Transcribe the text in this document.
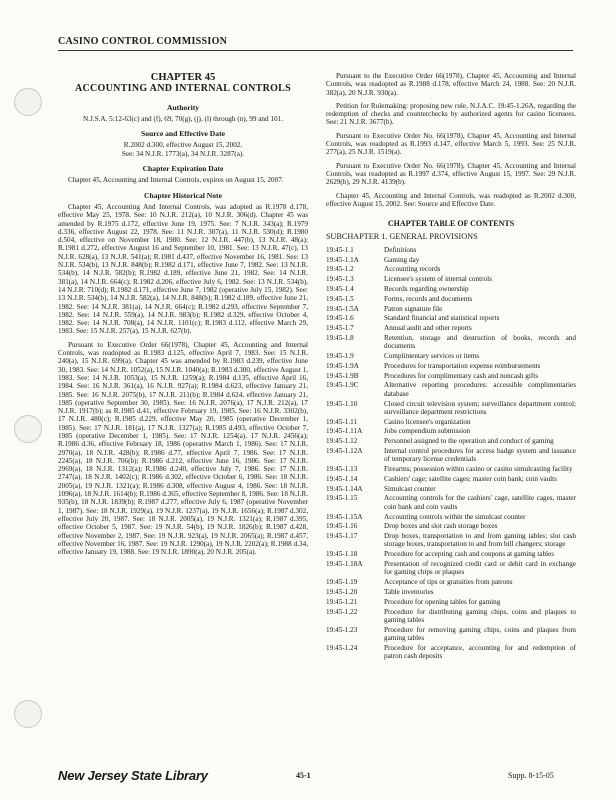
CASINO CONTROL COMMISSION
CHAPTER 45
ACCOUNTING AND INTERNAL CONTROLS
Authority

N.J.S.A. 5:12-63(c) and (f), 69, 70(g), (j), (l) through (n), 99 and 101.

Source and Effective Date

R.2002 d.300, effective August 15, 2002.

See: 34 N.J.R. 1773(a), 34 N.J.R. 3287(a).

Chapter Expiration Date

Chapter 45, Accounting and Internal Controls, expires on August 15, 2007.

Chapter Historical Note

Chapter 45, Accounting And Internal Controls, was adopted as R.1978 d.178, effective May 25, 1978. See: 10 N.J.R. 212(a), 10 N.J.R. 306(d). Chapter 45 was amended by R.1975 d.172, effective June 19, 1975. See: 7 N.J.R. 343(a); R.1979 d.336, effective August 22, 1978. See: 11 N.J.R. 307(a), 11 N.J.R. 530(d); R.1980 d.504, effective on November 18, 1980. See: 12 N.J.R. 447(b), 13 N.J.R. 48(a); R.1981 d.272, effective August 16 and September 10, 1981. See: 13 N.J.R. 47(c), 13 N.J.R. 628(a), 13 N.J.R. 541(a); R.1981 d.437, effective November 16, 1981. See: 13 N.J.R. 534(b), 13 N.J.R. 848(b); R.1982 d.171, effective June 7, 1982. See: 13 N.J.R. 534(b), 14 N.J.R. 582(b); R.1982 d.189, effective June 21, 1982. See: 14 N.J.R. 381(a), 14 N.J.R. 664(c); R.1982 d.206, effective July 6, 1982. See: 13 N.J.R. 534(b), 14 N.J.R. 710(d); R.1982 d.171, effective June 7, 1982 (operative July 15, 1982). See: 13 N.J.R. 534(b), 14 N.J.R. 582(a), 14 N.J.R. 848(b); R.1982 d.189, effective June 21, 1982. See: 14 N.J.R. 381(a), 14 N.J.R. 664(c); R.1982 d.293, effective September 7, 1982. See: 14 N.J.R. 559(a), 14 N.J.R. 983(b); R.1982 d.329, effective October 4, 1982. See: 14 N.J.R. 708(a), 14 N.J.R. 1101(c); R.1983 d.112, effective March 29, 1983. See: 15 N.J.R. 257(a), 15 N.J.R. 627(b).

Pursuant to Executive Order 66(1978), Chapter 45, Accounting and Internal Controls, was readopted as R.1983 d.125, effective April 7, 1983. See: 15 N.J.R. 240(a), 15 N.J.R. 699(a). Chapter 45 was amended by R.1983 d.239, effective June 30, 1983. See: 14 N.J.R. 1052(a), 15 N.J.R. 1040(a); R.1983 d.300, effective August 1, 1983. See: 14 N.J.R. 1053(a), 15 N.J.R. 1259(a); R.1984 d.135, effective April 16, 1984. See: 16 N.J.R. 361(a), 16 N.J.R. 927(a); R.1984 d.623, effective January 21, 1985. See: 16 N.J.R. 2075(b), 17 N.J.R. 211(b); R.1984 d.624, effective January 21, 1985 (operative September 30, 1985). See: 16 N.J.R. 2076(a), 17 N.J.R. 212(a), 17 N.J.R. 1917(b); as R.1985 d.41, effective February 19, 1985. See: 16 N.J.R. 3302(b), 17 N.J.R. 480(c); R.1985 d.229, effective May 20, 1985 (operative December 1, 1985). See: 17 N.J.R. 181(a), 17 N.J.R. 1327(a); R.1985 d.493, effective October 7, 1985 (operative December 1, 1985). See: 17 N.J.R. 1254(a), 17 N.J.R. 2456(a); R.1986 d.36, effective February 18, 1986 (operative March 1, 1986). See: 17 N.J.R. 2970(a), 18 N.J.R. 428(b); R.1986 d.77, effective April 7, 1986. See: 17 N.J.R. 2245(a), 18 N.J.R. 706(b); R.1986 d.212, effective June 16, 1986. See: 17 N.J.R. 2969(a), 18 N.J.R. 1312(a); R.1986 d.240, effective July 7, 1986. See: 17 N.J.R. 2747(a), 18 N.J.R. 1402(c); R.1986 d.302, effective October 6, 1986. See: 18 N.J.R. 2005(a), 19 N.J.R. 1321(a); R.1986 d.308, effective August 4, 1986. See: 18 N.J.R. 1096(a), 18 N.J.R. 1614(b); R.1986 d.365, effective September 8, 1986. See: 18 N.J.R. 935(b), 18 N.J.R. 1839(b); R.1987 d.277, effective July 6, 1987 (operative November 1, 1987). See: 18 N.J.R. 1929(a), 19 N.J.R. 1237(a), 19 N.J.R. 1656(a); R.1987 d.302, effective July 20, 1987. See: 18 N.J.R. 2005(a), 19 N.J.R. 1321(a); R.1987 d.395, effective October 5, 1987. See: 19 N.J.R. 54(b), 19 N.J.R. 1826(b); R.1987 d.428, effective November 2, 1987. See: 19 N.J.R. 923(a), 19 N.J.R. 2065(a); R.1987 d.457, effective November 16, 1987. See: 19 N.J.R. 1290(a), 19 N.J.R. 2202(a); R.1988 d.34, effective January 19, 1988. See: 19 N.J.R. 1890(a), 20 N.J.R. 205(a).

Pursuant to the Executive Order 66(1978), Chapter 45, Accounting and Internal Controls, was readopted as R.1988 d.178, effective March 24, 1988. See: 20 N.J.R. 382(a), 20 N.J.R. 930(a).

Petition for Rulemaking: proposing new rule, N.J.A.C. 19:45-1.26A, regarding the redemption of checks and counterchecks by authorized agents for casino licensees. See: 21 N.J.R. 3677(b).

Pursuant to Executive Order No. 66(1978), Chapter 45, Accounting and Internal Controls, was readopted as R.1993 d.147, effective March 5, 1993. See: 25 N.J.R. 277(a), 25 N.J.R. 1519(a).

Pursuant to Executive Order No. 66(1978), Chapter 45, Accounting and Internal Controls, was readopted as R.1997 d.374, effective August 15, 1997. See: 29 N.J.R. 2629(b), 29 N.J.R. 4139(b).

Chapter 45, Accounting and Internal Controls, was readopted as R.2002 d.300, effective August 15, 2002. See: Source and Effective Date.

CHAPTER TABLE OF CONTENTS
SUBCHAPTER 1. GENERAL PROVISIONS
19:45-1.1	Definitions
19:45-1.1A	Gaming day
19:45-1.2	Accounting records
19:45-1.3	Licensee's system of internal controls
19:45-1.4	Records regarding ownership
19:45-1.5	Forms, records and documents
19:45-1.5A	Patron signature file
19:45-1.6	Standard financial and statistical reports
19:45-1.7	Annual audit and other reports
19:45-1.8	Retention, storage and destruction of books, records and documents
19:45-1.9	Complimentary services or items
19:45-1.9A	Procedures for transportation expense reimbursements
19:45-1.9B	Procedures for complimentary cash and noncash gifts
19:45-1.9C	Alternative reporting procedures: accessible complimentaries database
19:45-1.10	Closed circuit television system; surveillance department control; surveillance department restrictions
19:45-1.11	Casino licensee's organization
19:45-1.11A	Jobs compendium submission
19:45-1.12	Personnel assigned to the operation and conduct of gaming
19:45-1.12A	Internal control procedures for access badge system and issuance of temporary license credentials
19:45-1.13	Firearms; possession within casino or casino simulcasting facility
19:45-1.14	Cashiers' cage; satellite cages; master coin bank; coin vaults
19:45-1.14A	Simulcast counter
19:45-1.15	Accounting controls for the cashiers' cage, satellite cages, master coin bank and coin vaults
19:45-1.15A	Accounting controls within the simulcast counter
19:45-1.16	Drop boxes and slot cash storage boxes
19:45-1.17	Drop boxes, transportation to and from gaming tables; slot cash storage boxes, transportation to and from bill changers; storage
19:45-1.18	Procedure for accepting cash and coupons at gaming tables
19:45-1.18A	Presentation of recognized credit card or debit card in exchange for gaming chips or plaques
19:45-1.19	Acceptance of tips or gratuities from patrons
19:45-1.20	Table inventories
19:45-1.21	Procedure for opening tables for gaming
19:45-1.22	Procedure for distributing gaming chips, coins and plaques to gaming tables
19:45-1.23	Procedure for removing gaming chips, coins and plaques from gaming tables
19:45-1.24	Procedure for acceptance, accounting for and redemption of patron cash deposits
New Jersey State Library	45-1	Supp. 8-15-05
